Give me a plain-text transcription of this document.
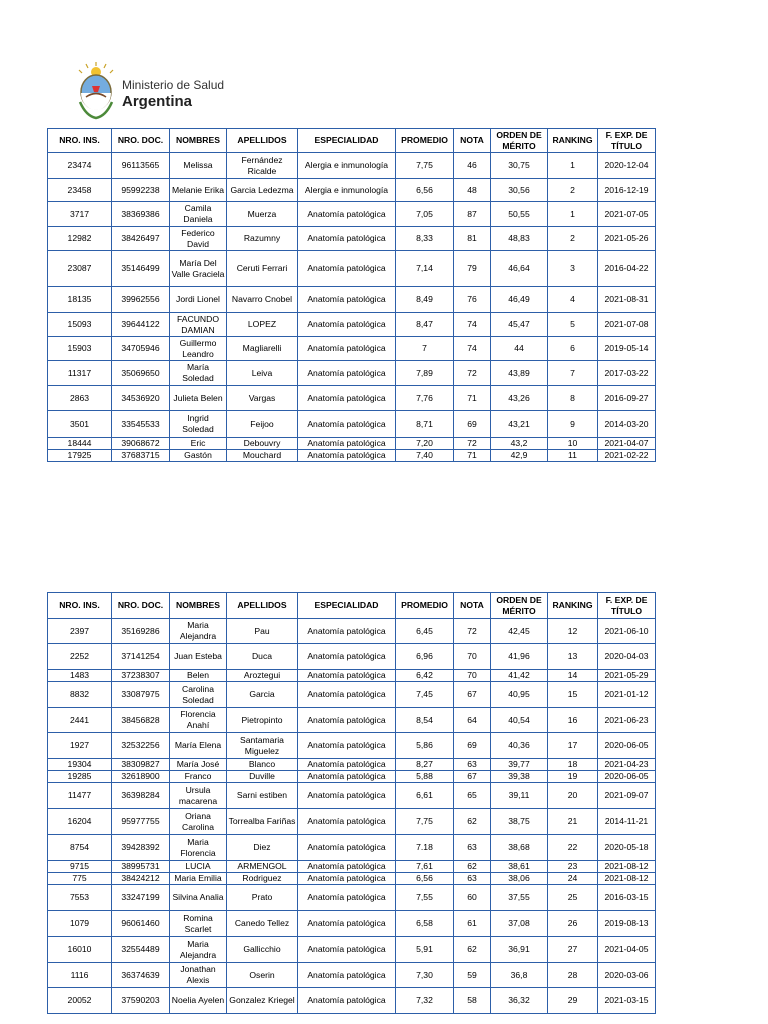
Ministerio de Salud
Argentina
NRO. INS.	NRO. DOC.	NOMBRES	APELLIDOS	ESPECIALIDAD	PROMEDIO	NOTA	ORDEN DE MÉRITO	RANKING	F. EXP. DE TÍTULO
23474	96113565	Melissa	Fernández Ricalde	Alergia e inmunología	7,75	46	30,75	1	2020-12-04
23458	95992238	Melanie Erika	Garcia Ledezma	Alergia e inmunología	6,56	48	30,56	2	2016-12-19
3717	38369386	Camila Daniela	Muerza	Anatomía patológica	7,05	87	50,55	1	2021-07-05
12982	38426497	Federico David	Razumny	Anatomía patológica	8,33	81	48,83	2	2021-05-26
23087	35146499	María Del Valle Graciela	Ceruti Ferrari	Anatomía patológica	7,14	79	46,64	3	2016-04-22
18135	39962556	Jordi Lionel	Navarro Cnobel	Anatomía patológica	8,49	76	46,49	4	2021-08-31
15093	39644122	FACUNDO DAMIAN	LOPEZ	Anatomía patológica	8,47	74	45,47	5	2021-07-08
15903	34705946	Guillermo Leandro	Magliarelli	Anatomía patológica	7	74	44	6	2019-05-14
11317	35069650	María Soledad	Leiva	Anatomía patológica	7,89	72	43,89	7	2017-03-22
2863	34536920	Julieta Belen	Vargas	Anatomía patológica	7,76	71	43,26	8	2016-09-27
3501	33545533	Ingrid Soledad	Feijoo	Anatomía patológica	8,71	69	43,21	9	2014-03-20
18444	39068672	Eric	Debouvry	Anatomía patológica	7,20	72	43,2	10	2021-04-07
17925	37683715	Gastón	Mouchard	Anatomía patológica	7,40	71	42,9	11	2021-02-22
NRO. INS.	NRO. DOC.	NOMBRES	APELLIDOS	ESPECIALIDAD	PROMEDIO	NOTA	ORDEN DE MÉRITO	RANKING	F. EXP. DE TÍTULO
2397	35169286	Maria Alejandra	Pau	Anatomía patológica	6,45	72	42,45	12	2021-06-10
2252	37141254	Juan Esteba	Duca	Anatomía patológica	6,96	70	41,96	13	2020-04-03
1483	37238307	Belen	Aroztegui	Anatomía patológica	6,42	70	41,42	14	2021-05-29
8832	33087975	Carolina Soledad	Garcia	Anatomía patológica	7,45	67	40,95	15	2021-01-12
2441	38456828	Florencia Anahí	Pietropinto	Anatomía patológica	8,54	64	40,54	16	2021-06-23
1927	32532256	María Elena	Santamaria Miguelez	Anatomía patológica	5,86	69	40,36	17	2020-06-05
19304	38309827	María José	Blanco	Anatomía patológica	8,27	63	39,77	18	2021-04-23
19285	32618900	Franco	Duville	Anatomía patológica	5,88	67	39,38	19	2020-06-05
11477	36398284	Ursula macarena	Sarni estiben	Anatomía patológica	6,61	65	39,11	20	2021-09-07
16204	95977755	Oriana Carolina	Torrealba Fariñas	Anatomía patológica	7,75	62	38,75	21	2014-11-21
8754	39428392	Maria Florencia	Diez	Anatomía patológica	7.18	63	38,68	22	2020-05-18
9715	38995731	LUCIA	ARMENGOL	Anatomía patológica	7,61	62	38,61	23	2021-08-12
775	38424212	Maria Emilia	Rodriguez	Anatomía patológica	6,56	63	38,06	24	2021-08-12
7553	33247199	Silvina Analia	Prato	Anatomía patológica	7,55	60	37,55	25	2016-03-15
1079	96061460	Romina Scarlet	Canedo Tellez	Anatomía patológica	6,58	61	37,08	26	2019-08-13
16010	32554489	Maria Alejandra	Gallicchio	Anatomía patológica	5,91	62	36,91	27	2021-04-05
1116	36374639	Jonathan Alexis	Oserin	Anatomía patológica	7,30	59	36,8	28	2020-03-06
20052	37590203	Noelia Ayelen	Gonzalez Kriegel	Anatomía patológica	7,32	58	36,32	29	2021-03-15
